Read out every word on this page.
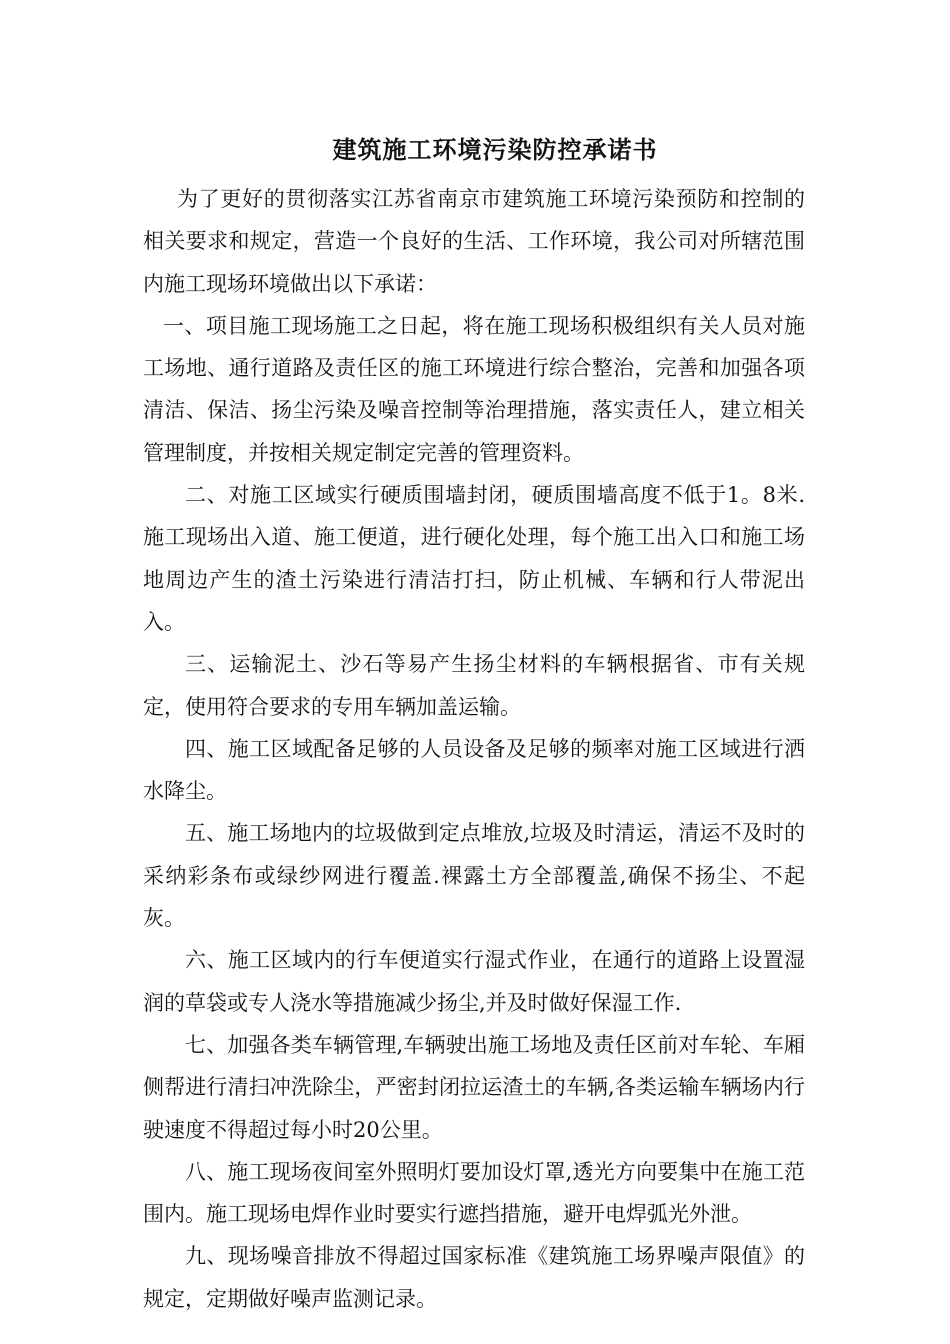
建筑施工环境污染防控承诺书

为了更好的贯彻落实江苏省南京市建筑施工环境污染预防和控制的相关要求和规定，营造一个良好的生活、工作环境，我公司对所辖范围内施工现场环境做出以下承诺：

一、项目施工现场施工之日起，将在施工现场积极组织有关人员对施工场地、通行道路及责任区的施工环境进行综合整治，完善和加强各项清洁、保洁、扬尘污染及噪音控制等治理措施，落实责任人，建立相关管理制度，并按相关规定制定完善的管理资料。

二、对施工区域实行硬质围墙封闭，硬质围墙高度不低于1。8米.施工现场出入道、施工便道，进行硬化处理，每个施工出入口和施工场地周边产生的渣土污染进行清洁打扫，防止机械、车辆和行人带泥出入。

三、运输泥土、沙石等易产生扬尘材料的车辆根据省、市有关规定，使用符合要求的专用车辆加盖运输。

四、施工区域配备足够的人员设备及足够的频率对施工区域进行洒水降尘。

五、施工场地内的垃圾做到定点堆放,垃圾及时清运，清运不及时的采纳彩条布或绿纱网进行覆盖.裸露土方全部覆盖,确保不扬尘、不起灰。

六、施工区域内的行车便道实行湿式作业，在通行的道路上设置湿润的草袋或专人浇水等措施减少扬尘,并及时做好保湿工作.

七、加强各类车辆管理,车辆驶出施工场地及责任区前对车轮、车厢侧帮进行清扫冲洗除尘，严密封闭拉运渣土的车辆,各类运输车辆场内行驶速度不得超过每小时20公里。

八、施工现场夜间室外照明灯要加设灯罩,透光方向要集中在施工范围内。施工现场电焊作业时要实行遮挡措施，避开电焊弧光外泄。

九、现场噪音排放不得超过国家标准《建筑施工场界噪声限值》的规定，定期做好噪声监测记录。
